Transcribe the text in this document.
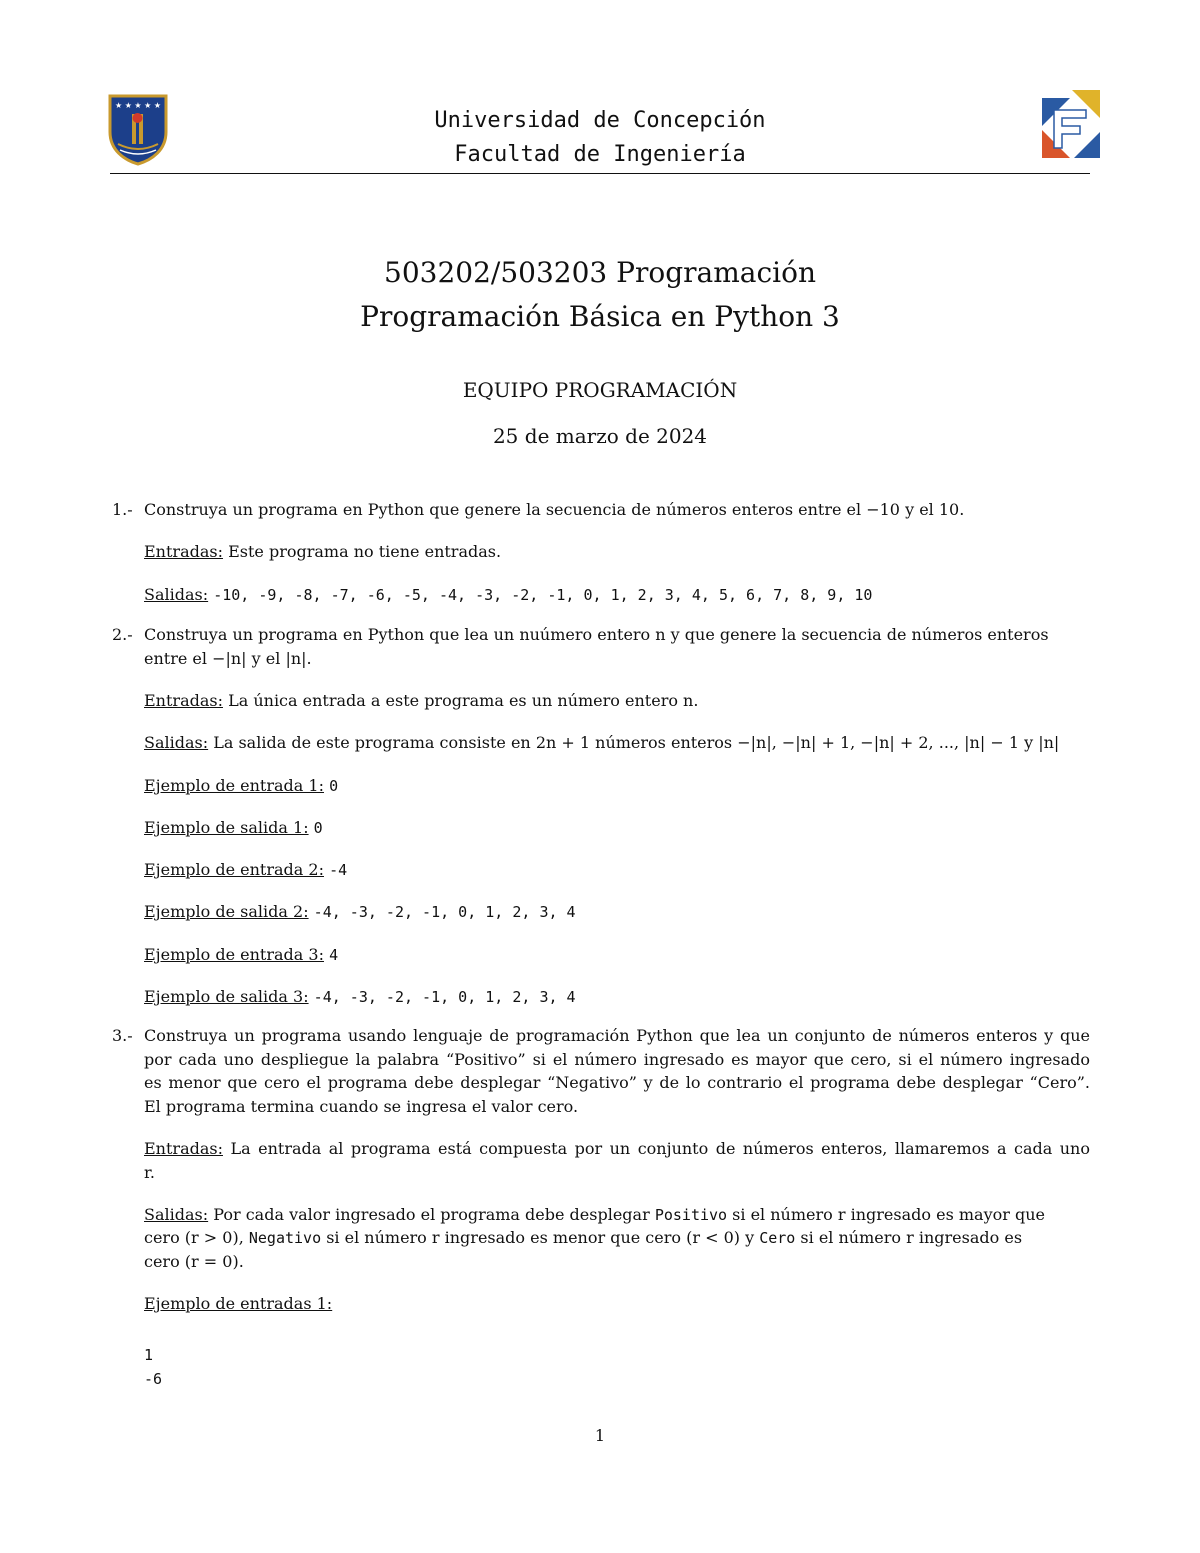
★ ★ ★ ★ ★
Universidad de Concepción
Facultad de Ingeniería
503202/503203 Programación
Programación Básica en Python 3
EQUIPO PROGRAMACIÓN
25 de marzo de 2024
1.- Construya un programa en Python que genere la secuencia de números enteros entre el −10 y el 10.
Entradas: Este programa no tiene entradas.
Salidas: -10, -9, -8, -7, -6, -5, -4, -3, -2, -1, 0, 1, 2, 3, 4, 5, 6, 7, 8, 9, 10
2.- Construya un programa en Python que lea un nuúmero entero n y que genere la secuencia de números enteros
entre el −|n| y el |n|.
Entradas: La única entrada a este programa es un número entero n.
Salidas: La salida de este programa consiste en 2n + 1 números enteros −|n|, −|n| + 1, −|n| + 2, ..., |n| − 1 y |n|
Ejemplo de entrada 1: 0
Ejemplo de salida 1: 0
Ejemplo de entrada 2: -4
Ejemplo de salida 2: -4, -3, -2, -1, 0, 1, 2, 3, 4
Ejemplo de entrada 3: 4
Ejemplo de salida 3: -4, -3, -2, -1, 0, 1, 2, 3, 4
3.- Construya un programa usando lenguaje de programación Python que lea un conjunto de números enteros y que
por cada uno despliegue la palabra “Positivo” si el número ingresado es mayor que cero, si el número ingresado
es menor que cero el programa debe desplegar “Negativo” y de lo contrario el programa debe desplegar “Cero”.
El programa termina cuando se ingresa el valor cero.
Entradas: La entrada al programa está compuesta por un conjunto de números enteros, llamaremos a cada uno
r.
Salidas: Por cada valor ingresado el programa debe desplegar Positivo si el número r ingresado es mayor que
cero (r > 0), Negativo si el número r ingresado es menor que cero (r < 0) y Cero si el número r ingresado es
cero (r = 0).
Ejemplo de entradas 1:
1
-6
1
